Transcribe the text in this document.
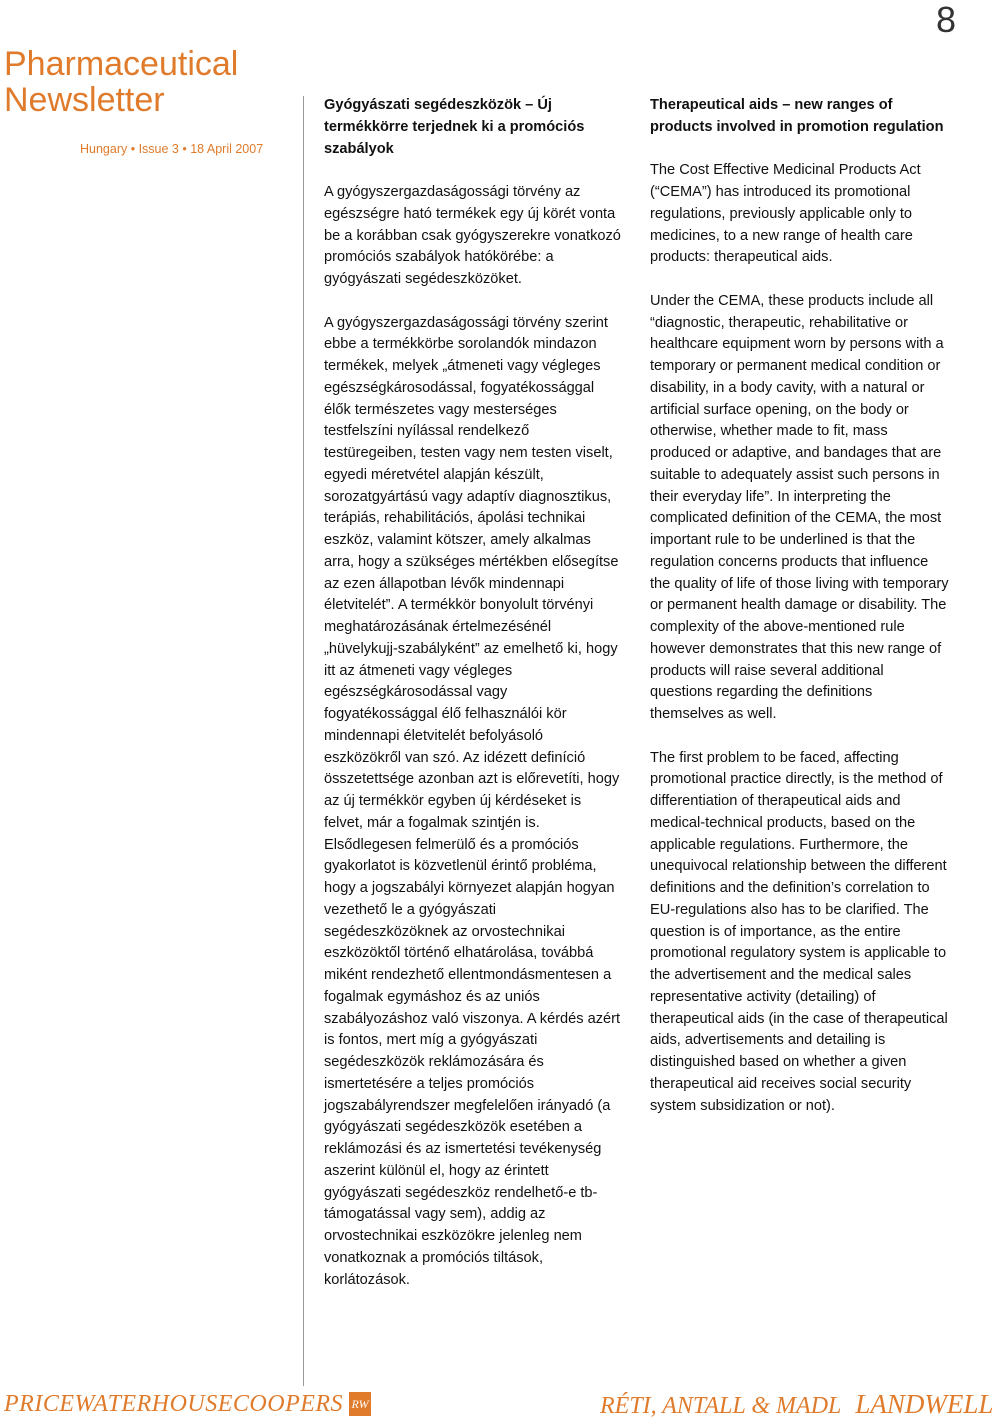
8
Pharmaceutical
Newsletter
Hungary • Issue 3 • 18 April 2007
Gyógyászati segédeszközök – Új termékkörre terjednek ki a promóciós szabályok

A gyógyszergazdaságossági törvény az egészségre ható termékek egy új körét vonta be a korábban csak gyógyszerekre vonatkozó promóciós szabályok hatókörébe: a gyógyászati segédeszközöket.

A gyógyszergazdaságossági törvény szerint ebbe a termékkörbe sorolandók mindazon termékek, melyek „átmeneti vagy végleges egészségkárosodással, fogyatékossággal élők természetes vagy mesterséges testfelszíni nyílással rendelkező testüregeiben, testen vagy nem testen viselt, egyedi méretvétel alapján készült, sorozatgyártású vagy adaptív diagnosztikus, terápiás, rehabilitációs, ápolási technikai eszköz, valamint kötszer, amely alkalmas arra, hogy a szükséges mértékben elősegítse az ezen állapotban lévők mindennapi életvitelét”. A termékkör bonyolult törvényi meghatározásának értelmezésénél „hüvelykujj-szabályként” az emelhető ki, hogy itt az átmeneti vagy végleges egészségkárosodással vagy fogyatékossággal élő felhasználói kör mindennapi életvitelét befolyásoló eszközökről van szó. Az idézett definíció összetettsége azonban azt is előrevetíti, hogy az új termékkör egyben új kérdéseket is felvet, már a fogalmak szintjén is.

Elsődlegesen felmerülő és a promóciós gyakorlatot is közvetlenül érintő probléma, hogy a jogszabályi környezet alapján hogyan vezethető le a gyógyászati segédeszközöknek az orvostechnikai eszközöktől történő elhatárolása, továbbá miként rendezhető ellentmondásmentesen a fogalmak egymáshoz és az uniós szabályozáshoz való viszonya. A kérdés azért is fontos, mert míg a gyógyászati segédeszközök reklámozására és ismertetésére a teljes promóciós jogszabályrendszer megfelelően irányadó (a gyógyászati segédeszközök esetében a reklámozási és az ismertetési tevékenység aszerint különül el, hogy az érintett gyógyászati segédeszköz rendelhető-e tb-támogatással vagy sem), addig az orvostechnikai eszközökre jelenleg nem vonatkoznak a promóciós tiltások, korlátozások.

Therapeutical aids – new ranges of products involved in promotion regulation

The Cost Effective Medicinal Products Act (“CEMA”) has introduced its promotional regulations, previously applicable only to medicines, to a new range of health care products: therapeutical aids.

Under the CEMA, these products include all “diagnostic, therapeutic, rehabilitative or healthcare equipment worn by persons with a temporary or permanent medical condition or disability, in a body cavity, with a natural or artificial surface opening, on the body or otherwise, whether made to fit, mass produced or adaptive, and bandages that are suitable to adequately assist such persons in their everyday life”. In interpreting the complicated definition of the CEMA, the most important rule to be underlined is that the regulation concerns products that influence the quality of life of those living with temporary or permanent health damage or disability. The complexity of the above-mentioned rule however demonstrates that this new range of products will raise several additional questions regarding the definitions themselves as well.

The first problem to be faced, affecting promotional practice directly, is the method of differentiation of therapeutical aids and medical-technical products, based on the applicable regulations. Furthermore, the unequivocal relationship between the different definitions and the definition’s correlation to EU-regulations also has to be clarified. The question is of importance, as the entire promotional regulatory system is applicable to the advertisement and the medical sales representative activity (detailing) of therapeutical aids (in the case of therapeutical aids, advertisements and detailing is distinguished based on whether a given therapeutical aid receives social security system subsidization or not).

PRICEWATERHOUSECOOPERS RW	RÉTI, ANTALL & MADL LANDWELL
